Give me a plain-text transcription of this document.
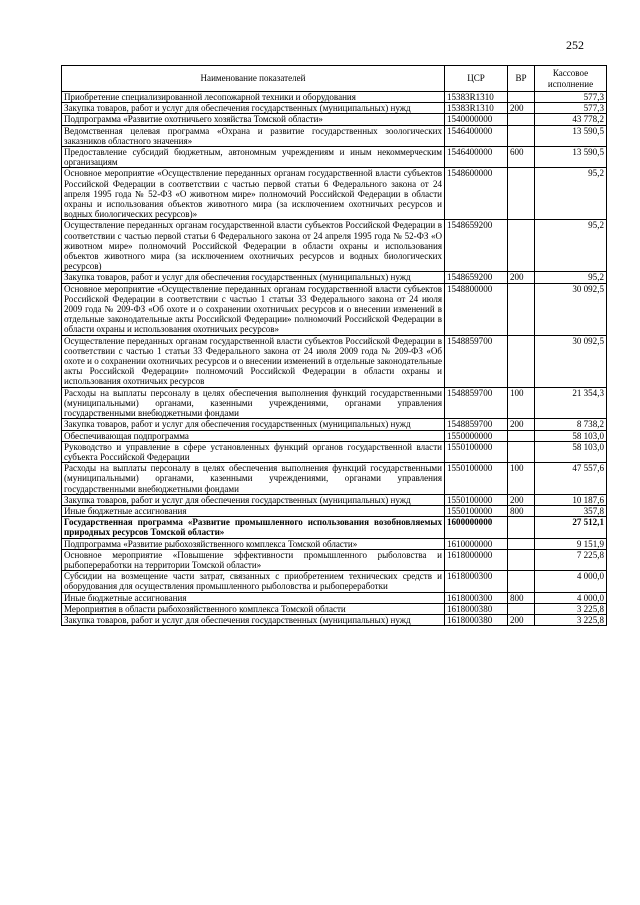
252
Наименование показателей	ЦСР	ВР	Кассовое исполнение
Приобретение специализированной лесопожарной техники и оборудования	15383R1310		577,3
Закупка товаров, работ и услуг для обеспечения государственных (муниципальных) нужд	15383R1310	200	577,3
Подпрограмма «Развитие охотничьего хозяйства Томской области»	1540000000		43 778,2
Ведомственная целевая программа «Охрана и развитие государственных зоологических заказников областного значения»	1546400000		13 590,5
Предоставление субсидий бюджетным, автономным учреждениям и иным некоммерческим организациям	1546400000	600	13 590,5
Основное мероприятие «Осуществление переданных органам государственной власти субъектов Российской Федерации в соответствии с частью первой статьи 6 Федерального закона от 24 апреля 1995 года № 52-ФЗ «О животном мире» полномочий Российской Федерации в области охраны и использования объектов животного мира (за исключением охотничьих ресурсов и водных биологических ресурсов)»	1548600000		95,2
Осуществление переданных органам государственной власти субъектов Российской Федерации в соответствии с частью первой статьи 6 Федерального закона от 24 апреля 1995 года № 52-ФЗ «О животном мире» полномочий Российской Федерации в области охраны и использования объектов животного мира (за исключением охотничьих ресурсов и водных биологических ресурсов)	1548659200		95,2
Закупка товаров, работ и услуг для обеспечения государственных (муниципальных) нужд	1548659200	200	95,2
Основное мероприятие «Осуществление переданных органам государственной власти субъектов Российской Федерации в соответствии с частью 1 статьи 33 Федерального закона от 24 июля 2009 года № 209-ФЗ «Об охоте и о сохранении охотничьих ресурсов и о внесении изменений в отдельные законодательные акты Российской Федерации» полномочий Российской Федерации в области охраны и использования охотничьих ресурсов»	1548800000		30 092,5
Осуществление переданных органам государственной власти субъектов Российской Федерации в соответствии с частью 1 статьи 33 Федерального закона от 24 июля 2009 года № 209-ФЗ «Об охоте и о сохранении охотничьих ресурсов и о внесении изменений в отдельные законодательные акты Российской Федерации» полномочий Российской Федерации в области охраны и использования охотничьих ресурсов	1548859700		30 092,5
Расходы на выплаты персоналу в целях обеспечения выполнения функций государственными (муниципальными) органами, казенными учреждениями, органами управления государственными внебюджетными фондами	1548859700	100	21 354,3
Закупка товаров, работ и услуг для обеспечения государственных (муниципальных) нужд	1548859700	200	8 738,2
Обеспечивающая подпрограмма	1550000000		58 103,0
Руководство и управление в сфере установленных функций органов государственной власти субъекта Российской Федерации	1550100000		58 103,0
Расходы на выплаты персоналу в целях обеспечения выполнения функций государственными (муниципальными) органами, казенными учреждениями, органами управления государственными внебюджетными фондами	1550100000	100	47 557,6
Закупка товаров, работ и услуг для обеспечения государственных (муниципальных) нужд	1550100000	200	10 187,6
Иные бюджетные ассигнования	1550100000	800	357,8
Государственная программа «Развитие промышленного использования возобновляемых природных ресурсов Томской области»	1600000000		27 512,1
Подпрограмма «Развитие рыбохозяйственного комплекса Томской области»	1610000000		9 151,9
Основное мероприятие «Повышение эффективности промышленного рыболовства и рыбопереработки на территории Томской области»	1618000000		7 225,8
Субсидии на возмещение части затрат, связанных с приобретением технических средств и оборудования для осуществления промышленного рыболовства и рыбопереработки	1618000300		4 000,0
Иные бюджетные ассигнования	1618000300	800	4 000,0
Мероприятия в области рыбохозяйственного комплекса Томской области	1618000380		3 225,8
Закупка товаров, работ и услуг для обеспечения государственных (муниципальных) нужд	1618000380	200	3 225,8
